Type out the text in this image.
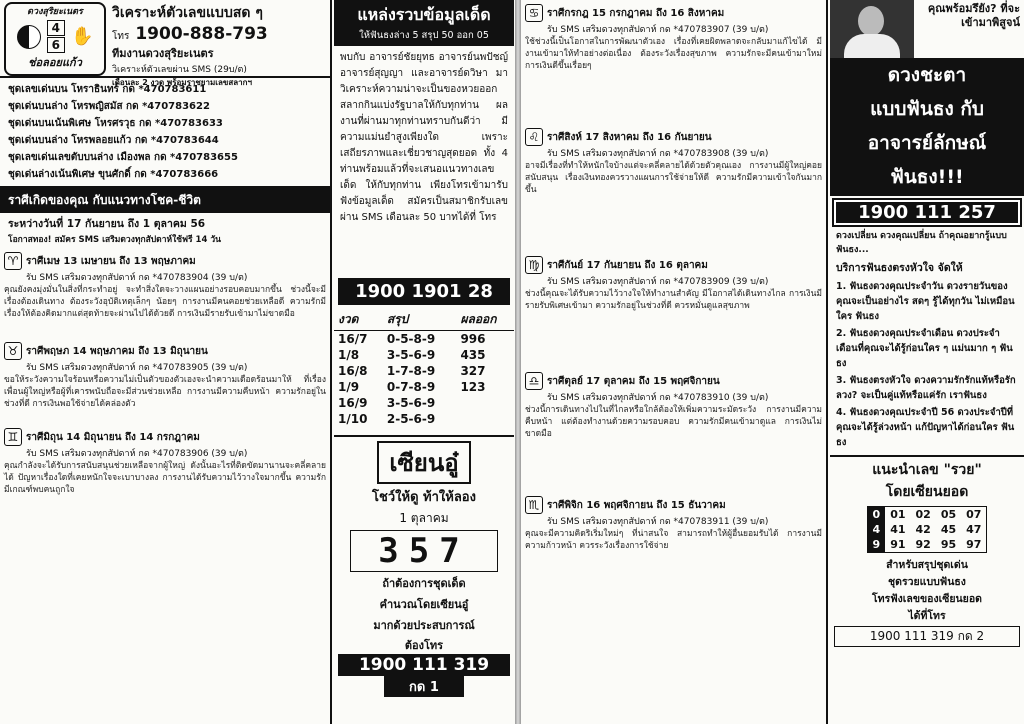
ดวงสุริยะเนตร
4
6 ✋
ช่อลอยแก้ว
วิเคราะห์ตัวเลขแบบสด ๆ
โทร 1900-888-793
ทีมงานดวงสุริยะเนตร
วิเคราะห์ตัวเลขผ่าน SMS (29บ/ต)
เดือนละ 2 งวด พร้อมราชยามเลขสลากฯ
ชุดเลขเด่นบน โหราธินทร์ กด *470783611
ชุดเด่นบนล่าง โหรพญิสมัส กด *470783622
ชุดเด่นบนเน้นพิเศษ โหรศรวุธ กด *470783633
ชุดเด่นบนล่าง โหรพลอยแก้ว กด *470783644
ชุดเลขเด่นเลขตับบนล่าง เมืองพล กด *470783655
ชุดเด่นล่างเน้นพิเศษ ขุนศักดิ์ กด *470783666
ราศีเกิดของคุณ กับแนวทางโชค-ชีวิต
ระหว่างวันที่ 17 กันยายน ถึง 1 ตุลาคม 56
โอกาสทอง! สมัคร SMS เสริมดวงทุกสัปดาห์ใช้ฟรี 14 วัน
♈ ราศีเมษ 13 เมษายน ถึง 13 พฤษภาคม
รับ SMS เสริมดวงทุกสัปดาห์ กด *470783904 (39 บ/ต)
คุณยังคงมุ่งมั่นในสิ่งที่กระทำอยู่ จะทำสิ่งใดจะวางแผนอย่างรอบคอบมากขึ้น ช่วงนี้จะมีเรื่องต้องเดินทาง ต้องระวังอุบัติเหตุเล็กๆ น้อยๆ การงานมีคนคอยช่วยเหลือดี ความรักมีเรื่องให้ต้องคิดมากแต่สุดท้ายจะผ่านไปได้ด้วยดี การเงินมีรายรับเข้ามาไม่ขาดมือ
♉ ราศีพฤษภ 14 พฤษภาคม ถึง 13 มิถุนายน
รับ SMS เสริมดวงทุกสัปดาห์ กด *470783905 (39 บ/ต)
ขอให้ระวังความใจร้อนหรือความไม่เป็นตัวของตัวเองจะนำความเดือดร้อนมาให้ ที่เรื่องเพื่อนผู้ใหญ่หรือผู้ที่เคารพนับถือจะมีส่วนช่วยเหลือ การงานมีความคืบหน้า ความรักอยู่ในช่วงที่ดี การเงินพอใช้จ่ายได้คล่องตัว
♊ ราศีมิถุน 14 มิถุนายน ถึง 14 กรกฎาคม
รับ SMS เสริมดวงทุกสัปดาห์ กด *470783906 (39 บ/ต)
คุณกำลังจะได้รับการสนับสนุนช่วยเหลือจากผู้ใหญ่ ดังนั้นอะไรที่ติดขัดมานานจะคลี่คลายได้ ปัญหาเรื่องใดที่เคยหนักใจจะเบาบางลง การงานได้รับความไว้วางใจมากขึ้น ความรักมีเกณฑ์พบคนถูกใจ
แหล่งรวบข้อมูลเด็ด
ให้ฟันธงล่าง 5 สรุป 50 ออก 05
พบกับ อาจารย์ชัยยุทธ อาจารย์นพปัชญ์ อาจารย์สุญญา และอาจารย์ดวิษา มาวิเคราะห์ความน่าจะเป็นของหวยออกสลากกินแบ่งรัฐบาลให้กับทุกท่าน ผลงานที่ผ่านมาทุกท่านทราบกันดีว่า มีความแม่นยำสูงเพียงใด เพราะเสถียรภาพและเชี่ยวชาญสุดยอด ทั้ง 4 ท่านพร้อมแล้วที่จะเสนอแนวทางเลขเด็ด ให้กับทุกท่าน เพียงโทรเข้ามารับฟังข้อมูลเด็ด สมัครเป็นสมาชิกรับเลขผ่าน SMS เดือนละ 50 บาทได้ที่ โทร
1900 1901 28
งวด	สรุป	ผลออก
16/7	0-5-8-9	996
1/8	3-5-6-9	435
16/8	1-7-8-9	327
1/9	0-7-8-9	123
16/9	3-5-6-9	
1/10	2-5-6-9	
เซียนอู๋
โชว์ให้ดู ท้าให้ลอง
1 ตุลาคม
357
ถ้าต้องการชุดเด็ด
คำนวณโดยเซียนอู๋
มากด้วยประสบการณ์
ต้องโทร
1900 111 319
กด 1
♋ ราศีกรกฎ 15 กรกฎาคม ถึง 16 สิงหาคม
รับ SMS เสริมดวงทุกสัปดาห์ กด *470783907 (39 บ/ต)
ใช้ช่วงนี้เป็นโอกาสในการพัฒนาตัวเอง เรื่องที่เคยผิดพลาดจะกลับมาแก้ไขได้ มีงานเข้ามาให้ทำอย่างต่อเนื่อง ต้องระวังเรื่องสุขภาพ ความรักจะมีคนเข้ามาใหม่ การเงินดีขึ้นเรื่อยๆ
♌ ราศีสิงห์ 17 สิงหาคม ถึง 16 กันยายน
รับ SMS เสริมดวงทุกสัปดาห์ กด *470783908 (39 บ/ต)
อาจมีเรื่องที่ทำให้หนักใจบ้างแต่จะคลี่คลายได้ด้วยตัวคุณเอง การงานมีผู้ใหญ่คอยสนับสนุน เรื่องเงินทองควรวางแผนการใช้จ่ายให้ดี ความรักมีความเข้าใจกันมากขึ้น
♍ ราศีกันย์ 17 กันยายน ถึง 16 ตุลาคม
รับ SMS เสริมดวงทุกสัปดาห์ กด *470783909 (39 บ/ต)
ช่วงนี้คุณจะได้รับความไว้วางใจให้ทำงานสำคัญ มีโอกาสได้เดินทางไกล การเงินมีรายรับพิเศษเข้ามา ความรักอยู่ในช่วงที่ดี ควรหมั่นดูแลสุขภาพ
♎ ราศีตุลย์ 17 ตุลาคม ถึง 15 พฤศจิกายน
รับ SMS เสริมดวงทุกสัปดาห์ กด *470783910 (39 บ/ต)
ช่วงนี้การเดินทางไปในที่ไกลหรือใกล้ต้องให้เพิ่มความระมัดระวัง การงานมีความคืบหน้า แต่ต้องทำงานด้วยความรอบคอบ ความรักมีคนเข้ามาดูแล การเงินไม่ขาดมือ
♏ ราศีพิจิก 16 พฤศจิกายน ถึง 15 ธันวาคม
รับ SMS เสริมดวงทุกสัปดาห์ กด *470783911 (39 บ/ต)
คุณจะมีความคิดริเริ่มใหม่ๆ ที่น่าสนใจ สามารถทำให้ผู้อื่นยอมรับได้ การงานมีความก้าวหน้า ควรระวังเรื่องการใช้จ่าย
คุณพร้อมรึยัง? ที่จะเข้ามาพิสูจน์
ดวงชะตา
แบบฟันธง กับ
อาจารย์ลักษณ์
ฟันธง!!!
1900 111 257
ดวงเปลี่ยน ดวงคุณเปลี่ยน ถ้าคุณอยากรู้แบบ ฟันธง...
บริการฟันธงตรงหัวใจ จัดให้
1. ฟันธงดวงคุณประจำวัน ดวงรายวันของคุณจะเป็นอย่างไร สดๆ รู้ได้ทุกวัน ไม่เหมือนใคร ฟันธง
2. ฟันธงดวงคุณประจำเดือน ดวงประจำเดือนที่คุณจะได้รู้ก่อนใคร ๆ แม่นมาก ๆ ฟันธง
3. ฟันธงตรงหัวใจ ดวงความรักรักแท้หรือรักลวง? จะเป็นคู่แท้หรือแค่รัก เราฟันธง
4. ฟันธงดวงคุณประจำปี 56 ดวงประจำปีที่คุณจะได้รู้ล่วงหน้า แก้ปัญหาได้ก่อนใคร ฟันธง
แนะนำเลข "รวย"
โดยเซียนยอด
0	01	02	05	07
4	41	42	45	47
9	91	92	95	97
สำหรับสรุปชุดเด่น
ชุดรวยแบบฟันธง
โทรฟังเลขของเซียนยอด
ได้ที่โทร
1900 111 319 กด 2
